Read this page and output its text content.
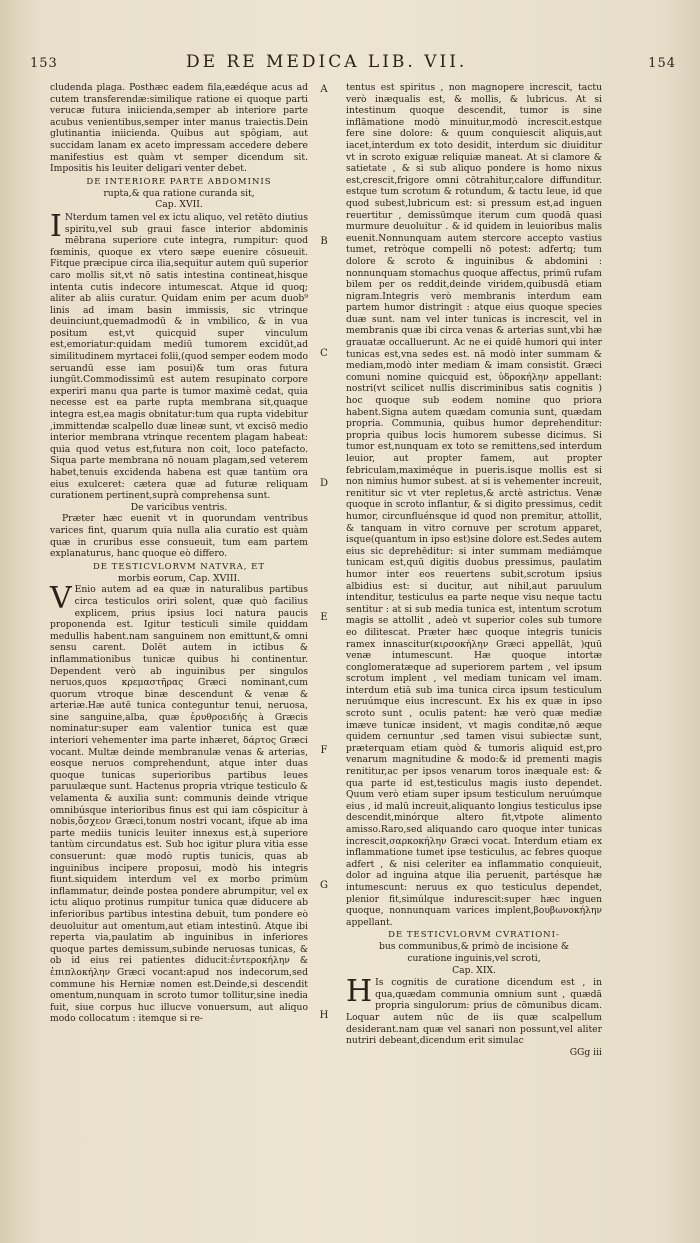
153	DE RE MEDICA LIB. VII.	154

cludenda plaga. Posthæc eadem fila,eædéque acus ad cutem transferendæ:similique ratione ei quoque parti verucæ futura iniicienda,semper ab interiore parte acubus venientibus,semper inter manus traiectis.Dein glutinantia iniicienda. Quibus aut spôgiam, aut succidam lanam ex aceto impressam accedere debere manifestius est quàm vt semper dicendum sit. Impositis his leuiter deligari venter debet.

DE INTERIORE PARTE ABDOMINIS

rupta,& qua ratione curanda sit,

Cap. XVII.

I Nterdum tamen vel ex ictu aliquo, vel retēto diutius spiritu,vel sub graui fasce interior abdominis mēbrana superiore cute integra, rumpitur: quod fœminis, quoque ex vtero sæpe euenire cōsueuit. Fitque præcipue circa ilia,sequitur autem quū superior caro mollis sit,vt nō satis intestina contineat,hisque intenta cutis indecore intumescat. Atque id quoq; aliter ab aliis curatur. Quidam enim per acum duob⁹ linis ad imam basin immissis, sic vtrinque deuinciunt,quemadmodū & in vmbilico, & in vua positum est,vt quicquid super vinculum est,emoriatur:quidam mediū tumorem excidūt,ad similitudinem myrtacei folii,(quod semper eodem modo seruandū esse iam posui)& tum oras futura iungūt.Commodissimū est autem resupinato corpore experiri manu qua parte is tumor maximè cedat, quia necesse est ea parte rupta membrana sit,quaque integra est,ea magis obnitatur:tum qua rupta videbitur ,immittendæ scalpello duæ lineæ sunt, vt excisō medio interior membrana vtrinque recentem plagam habeat: quia quod vetus est,futura non coit, loco patefacto. Siqua parte membrana nō nouam plagam,sed veterem habet,tenuis excidenda habena est quæ tantùm ora eius exulceret: cætera quæ ad futuræ reliquam curationem pertinent,suprà comprehensa sunt.

De varicibus ventris.

Præter hæc euenit vt in quorundam ventribus varices fint, quarum quia nulla alia curatio est quàm quæ in cruribus esse consueuit, tum eam partem explanaturus, hanc quoque eò differo.

DE TESTICVLORVM NATVRA, ET

morbis eorum, Cap. XVIII.

V Enio autem ad ea quæ in naturalibus partibus circa testiculos oriri solent, quæ quò facilius explicem, prius ipsius loci natura paucis proponenda est. Igitur testiculi simile quiddam medullis habent.nam sanguinem non emittunt,& omni sensu carent. Dolēt autem in ictibus & inflammationibus tunicæ quibus hi continentur. Dependent verò ab inguinibus per singulos neruos,quos κρεμαστῆρας Græci nominant,cum quorum vtroque binæ descendunt & venæ & arteriæ.Hæ autē tunica conteguntur tenui, neruosa, sine sanguine,alba, quæ ἐρυθροειδής à Græcis nominatur:super eam valentior tunica est quæ interiori vehementer ima parte inhæret, δάρτος Græci vocant. Multæ deinde membranulæ venas & arterias, eosque neruos comprehendunt, atque inter duas quoque tunicas superioribus partibus leues paruulæque sunt. Hactenus propria vtrique testiculo & velamenta & auxilia sunt: communis deinde vtrique omnibúsque interioribus finus est qui iam cōspicitur à nobis,ὄσχεον Græci,tonum nostri vocant, ifque ab ima parte mediis tunicis leuiter innexus est,à superiore tantùm circundatus est. Sub hoc igitur plura vitia esse consuerunt: quæ modò ruptis tunicis, quas ab inguinibus incipere proposui, modò his integris fiunt.siquidem interdum vel ex morbo primùm inflammatur, deinde postea pondere abrumpitur, vel ex ictu aliquo protinus rumpitur tunica quæ diducere ab inferioribus partibus intestina debuit, tum pondere eò deuoluitur aut omentum,aut etiam intestinū. Atque ibi reperta via,paulatim ab inguinibus in inferiores quoque partes demissum,subinde neruosas tunicas, & ob id eius rei patientes diducit:ἐντεροκήλην & ἐπιπλοκήλην Græci vocant:apud nos indecorum,sed commune his Herniæ nomen est.Deinde,si descendit omentum,nunquam in scroto tumor tollitur,sine inedia fuit, siue corpus huc illucve vonuersum, aut aliquo modo collocatum : itemque si re-

tentus est spiritus , non magnopere increscit, tactu verò inæqualis est, & mollis, & lubricus. At si intestinum quoque descendit, tumor is sine inflāmatione modò minuitur,modò increscit.estque fere sine dolore: & quum conquiescit aliquis,aut iacet,interdum ex toto desidit, interdum sic diuiditur vt in scroto exiguæ reliquiæ maneat. At si clamore & satietate , & si sub aliquo pondere is homo nixus est,crescit,frigore omni cōtrahitur,calore diffunditur. estque tum scrotum & rotundum, & tactu leue, id que quod subest,lubricum est: si pressum est,ad inguen reuertitur , demissūmque iterum cum quodā quasi murmure deuoluitur . & id quidem in leuioribus malis euenit.Nonnunquam autem stercore accepto vastius tumet, retròque compelli nō potest: adfertq; tum dolore & scroto & inguinibus & abdomini : nonnunquam stomachus quoque affectus, primū rufam bilem per os reddit,deinde viridem,quibusdā etiam nigram.Integris verò membranis interdum eam partem humor distringit : atque eius quoque species duæ sunt. nam vel inter tunicas is increscit, vel in membranis quæ ibi circa venas & arterias sunt,vbi hæ grauatæ occalluerunt. Ac ne ei quidē humori qui inter tunicas est,vna sedes est. nā modò inter summam & mediam,modò inter mediam & imam consistit. Græci comuni nomine quicquid est, ὑδροκήλην appellant: nostri(vt scilicet nullis discriminibus satis cognitis ) hoc quoque sub eodem nomine quo priora habent.Signa autem quædam comunia sunt, quædam propria. Communia, quibus humor deprehenditur: propria quibus locis humorem subesse dicimus. Si tumor est,nunquam ex toto se remittens,sed interdum leuior, aut propter famem, aut propter febriculam,maximéque in pueris.isque mollis est si non nimius humor subest. at si is vehementer increuit, renititur sic vt vter repletus,& arctè astrictus. Venæ quoque in scroto inflantur, & si digito pressimus, cedit humor, circunfluénsque id quod non premitur, attollit, & tanquam in vitro cornuve per scrotum apparet, isque(quantum in ipso est)sine dolore est.Sedes autem eius sic deprehēditur: si inter summam mediámque tunicam est,quū digitis duobus pressimus, paulatim humor inter eos reuertens subit,scrotum ipsius albidius est: si ducitur, aut nihil,aut paruulum intenditur, testiculus ea parte neque visu neque tactu sentitur : at si sub media tunica est, intentum scrotum magis se attollit , adeò vt superior coles sub tumore eo dilitescat. Præter hæc quoque integris tunicis ramex innascitur(κιρσοκήλην Græci appellāt, )quū venæ intumescunt. Hæ quoque intortæ conglomeratæque ad superiorem partem , vel ipsum scrotum implent , vel mediam tunicam vel imam. interdum etiā sub ima tunica circa ipsum testiculum neruúmque eius increscunt. Ex his ex quæ in ipso scroto sunt , oculis patent: hæ verò quæ mediæ imæve tunicæ insident, vt magis conditæ,nō æque quidem cernuntur ,sed tamen visui subiectæ sunt, præterquam etiam quòd & tumoris aliquid est,pro venarum magnitudine & modo:& id prementi magis renititur,ac per ipsos venarum toros inæquale est: & qua parte id est,testiculus magis iusto dependet. Quum verò etiam super ipsum testiculum neruúmque eius , id malū increuit,aliquanto longius testiculus ipse descendit,minórque altero fit,vtpote alimento amisso.Raro,sed aliquando caro quoque inter tunicas increscit,σαρκοκήλην Græci vocat. Interdum etiam ex inflammatione tumet ipse testiculus, ac febres quoque adfert , & nisi celeriter ea inflammatio conquieuit, dolor ad inguina atque ilia peruenit, partésque hæ intumescunt: neruus ex quo testiculus dependet, plenior fit,simúlque indurescit:super hæc inguen quoque, nonnunquam varices implent,βουβωνοκήλην appellant.

DE TESTICVLORVM CVRATIONI-

bus communibus,& primò de incisione &

curatione inguinis,vel scroti,

Cap. XIX.

H Is cognitis de curatione dicendum est , in qua,quædam communia omnium sunt , quædā propria singulorum: prius de cōmunibus dicam. Loquar autem nūc de iis quæ scalpellum desiderant.nam quæ vel sanari non possunt,vel aliter nutriri debeant,dicendum erit simulac

GGg iii

A
B
C
D
E
F
G
H
